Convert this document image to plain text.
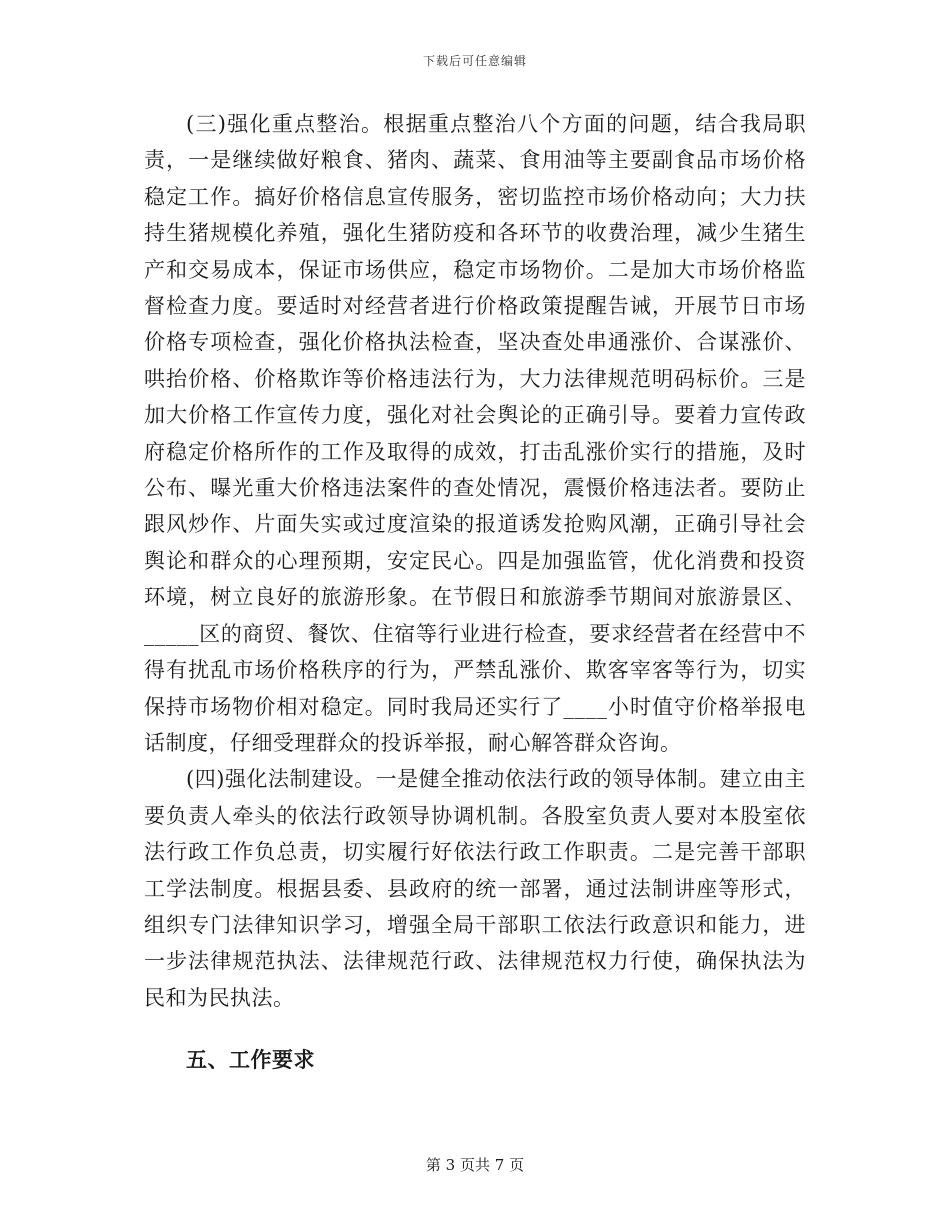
下载后可任意编辑

(三)强化重点整治。根据重点整治八个方面的问题，结合我局职责，一是继续做好粮食、猪肉、蔬菜、食用油等主要副食品市场价格稳定工作。搞好价格信息宣传服务，密切监控市场价格动向；大力扶持生猪规模化养殖，强化生猪防疫和各环节的收费治理，减少生猪生产和交易成本，保证市场供应，稳定市场物价。二是加大市场价格监督检查力度。要适时对经营者进行价格政策提醒告诫，开展节日市场价格专项检查，强化价格执法检查，坚决查处串通涨价、合谋涨价、哄抬价格、价格欺诈等价格违法行为，大力法律规范明码标价。三是加大价格工作宣传力度，强化对社会舆论的正确引导。要着力宣传政府稳定价格所作的工作及取得的成效，打击乱涨价实行的措施，及时公布、曝光重大价格违法案件的查处情况，震慑价格违法者。要防止跟风炒作、片面失实或过度渲染的报道诱发抢购风潮，正确引导社会舆论和群众的心理预期，安定民心。四是加强监管，优化消费和投资环境，树立良好的旅游形象。在节假日和旅游季节期间对旅游景区、_____区的商贸、餐饮、住宿等行业进行检查，要求经营者在经营中不得有扰乱市场价格秩序的行为，严禁乱涨价、欺客宰客等行为，切实保持市场物价相对稳定。同时我局还实行了____小时值守价格举报电话制度，仔细受理群众的投诉举报，耐心解答群众咨询。

(四)强化法制建设。一是健全推动依法行政的领导体制。建立由主要负责人牵头的依法行政领导协调机制。各股室负责人要对本股室依法行政工作负总责，切实履行好依法行政工作职责。二是完善干部职工学法制度。根据县委、县政府的统一部署，通过法制讲座等形式，组织专门法律知识学习，增强全局干部职工依法行政意识和能力，进一步法律规范执法、法律规范行政、法律规范权力行使，确保执法为民和为民执法。

五、工作要求
第 3 页共 7 页
